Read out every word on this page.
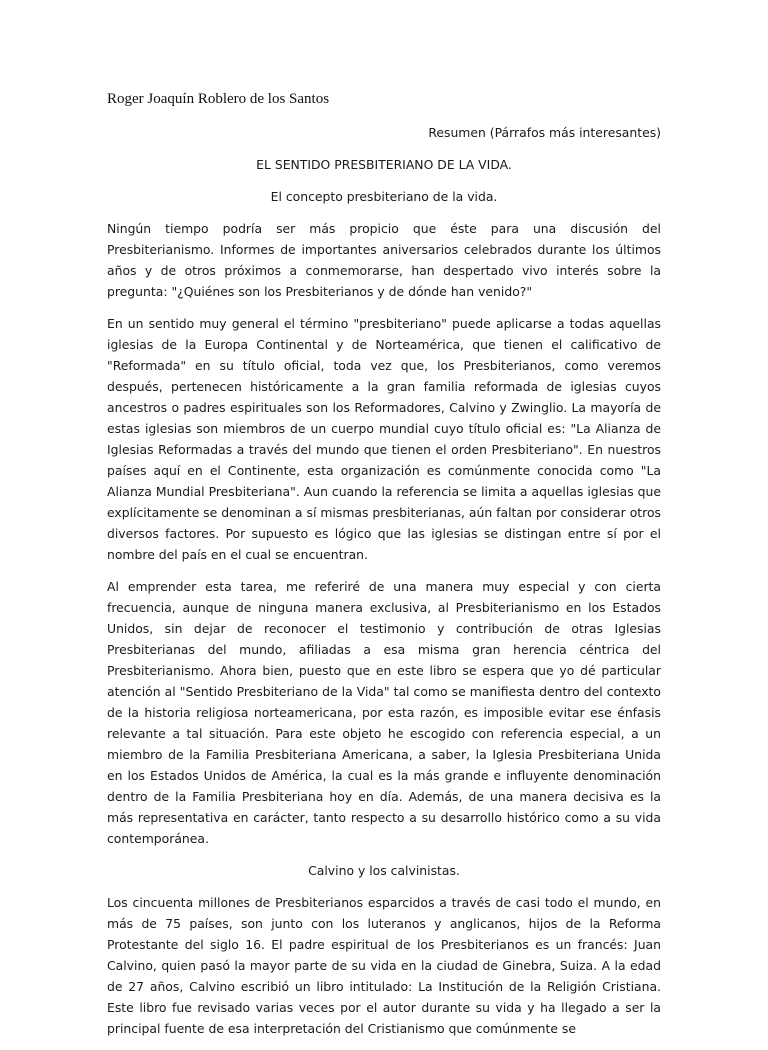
Roger Joaquín Roblero de los Santos

Resumen (Párrafos más interesantes)

EL SENTIDO PRESBITERIANO DE LA VIDA.

El concepto presbiteriano de la vida.

Ningún tiempo podría ser más propicio que éste para una discusión del Presbiterianismo. Informes de importantes aniversarios celebrados durante los últimos años y de otros próximos a conmemorarse, han despertado vivo interés sobre la pregunta: "¿Quiénes son los Presbiterianos y de dónde han venido?"

En un sentido muy general el término "presbiteriano" puede aplicarse a todas aquellas iglesias de la Europa Continental y de Norteamérica, que tienen el calificativo de "Reformada" en su título oficial, toda vez que, los Presbiterianos, como veremos después, pertenecen históricamente a la gran familia reformada de iglesias cuyos ancestros o padres espirituales son los Reformadores, Calvino y Zwinglio. La mayoría de estas iglesias son miembros de un cuerpo mundial cuyo título oficial es: "La Alianza de Iglesias Reformadas a través del mundo que tienen el orden Presbiteriano". En nuestros países aquí en el Continente, esta organización es comúnmente conocida como "La Alianza Mundial Presbiteriana". Aun cuando la referencia se limita a aquellas iglesias que explícitamente se denominan a sí mismas presbiterianas, aún faltan por considerar otros diversos factores. Por supuesto es lógico que las iglesias se distingan entre sí por el nombre del país en el cual se encuentran.

Al emprender esta tarea, me referiré de una manera muy especial y con cierta frecuencia, aunque de ninguna manera exclusiva, al Presbiterianismo en los Estados Unidos, sin dejar de reconocer el testimonio y contribución de otras Iglesias Presbiterianas del mundo, afiliadas a esa misma gran herencia céntrica del Presbiterianismo. Ahora bien, puesto que en este libro se espera que yo dé particular atención al "Sentido Presbiteriano de la Vida" tal como se manifiesta dentro del contexto de la historia religiosa norteamericana, por esta razón, es imposible evitar ese énfasis relevante a tal situación. Para este objeto he escogido con referencia especial, a un miembro de la Familia Presbiteriana Americana, a saber, la Iglesia Presbiteriana Unida en los Estados Unidos de América, la cual es la más grande e influyente denominación dentro de la Familia Presbiteriana hoy en día. Además, de una manera decisiva es la más representativa en carácter, tanto respecto a su desarrollo histórico como a su vida contemporánea.

Calvino y los calvinistas.

Los cincuenta millones de Presbiterianos esparcidos a través de casi todo el mundo, en más de 75 países, son junto con los luteranos y anglicanos, hijos de la Reforma Protestante del siglo 16. El padre espiritual de los Presbiterianos es un francés: Juan Calvino, quien pasó la mayor parte de su vida en la ciudad de Ginebra, Suiza. A la edad de 27 años, Calvino escribió un libro intitulado: La Institución de la Religión Cristiana. Este libro fue revisado varias veces por el autor durante su vida y ha llegado a ser la principal fuente de esa interpretación del Cristianismo que comúnmente se
